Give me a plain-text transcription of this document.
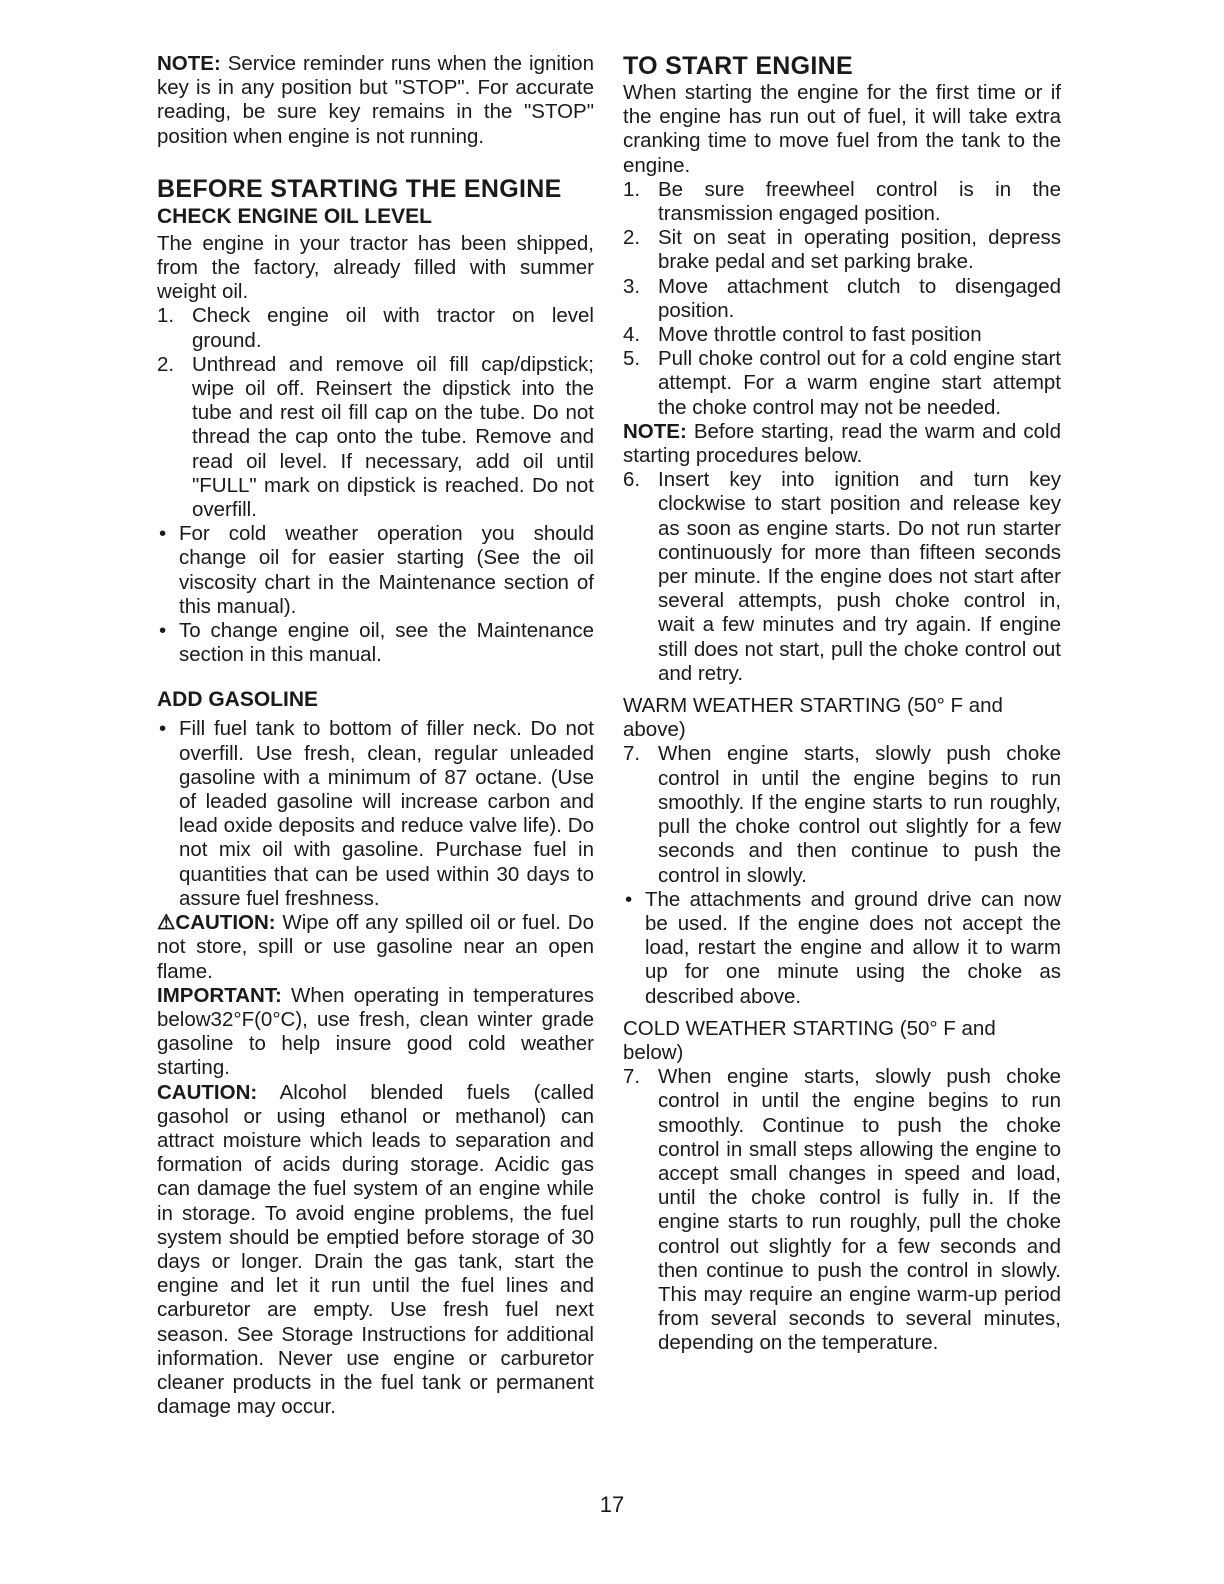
NOTE: Service reminder runs when the ignition key is in any position but "STOP". For accurate reading, be sure key remains in the "STOP" position when engine is not running.

BEFORE STARTING THE ENGINE
CHECK ENGINE OIL LEVEL

The engine in your tractor has been shipped, from the factory, already filled with summer weight oil.

1. Check engine oil with tractor on level ground.
2. Unthread and remove oil fill cap/dipstick; wipe oil off. Reinsert the dipstick into the tube and rest oil fill cap on the tube. Do not thread the cap onto the tube. Remove and read oil level. If necessary, add oil until "FULL" mark on dipstick is reached. Do not overfill.
• For cold weather operation you should change oil for easier starting (See the oil viscosity chart in the Maintenance section of this manual).
• To change engine oil, see the Maintenance section in this manual.
ADD GASOLINE
• Fill fuel tank to bottom of filler neck. Do not overfill. Use fresh, clean, regular unleaded gasoline with a minimum of 87 octane. (Use of leaded gasoline will increase carbon and lead oxide deposits and reduce valve life). Do not mix oil with gasoline. Purchase fuel in quantities that can be used within 30 days to assure fuel freshness.

⚠CAUTION: Wipe off any spilled oil or fuel. Do not store, spill or use gasoline near an open flame.

IMPORTANT: When operating in temperatures below32°F(0°C), use fresh, clean winter grade gasoline to help insure good cold weather starting.

CAUTION: Alcohol blended fuels (called gasohol or using ethanol or methanol) can attract moisture which leads to separation and formation of acids during storage. Acidic gas can damage the fuel system of an engine while in storage. To avoid engine problems, the fuel system should be emptied before storage of 30 days or longer. Drain the gas tank, start the engine and let it run until the fuel lines and carburetor are empty. Use fresh fuel next season. See Storage Instructions for additional information. Never use engine or carburetor cleaner products in the fuel tank or permanent damage may occur.

TO START ENGINE

When starting the engine for the first time or if the engine has run out of fuel, it will take extra cranking time to move fuel from the tank to the engine.

1. Be sure freewheel control is in the transmission engaged position.
2. Sit on seat in operating position, depress brake pedal and set parking brake.
3. Move attachment clutch to disengaged position.
4. Move throttle control to fast position
5. Pull choke control out for a cold engine start attempt. For a warm engine start attempt the choke control may not be needed.

NOTE: Before starting, read the warm and cold starting procedures below.

6. Insert key into ignition and turn key clockwise to start position and release key as soon as engine starts. Do not run starter continuously for more than fifteen seconds per minute. If the engine does not start after several attempts, push choke control in, wait a few minutes and try again. If engine still does not start, pull the choke control out and retry.

WARM WEATHER STARTING (50° F and above)

7. When engine starts, slowly push choke control in until the engine begins to run smoothly. If the engine starts to run roughly, pull the choke control out slightly for a few seconds and then continue to push the control in slowly.
• The attachments and ground drive can now be used. If the engine does not accept the load, restart the engine and allow it to warm up for one minute using the choke as described above.

COLD WEATHER STARTING (50° F and below)

7. When engine starts, slowly push choke control in until the engine begins to run smoothly. Continue to push the choke control in small steps allowing the engine to accept small changes in speed and load, until the choke control is fully in. If the engine starts to run roughly, pull the choke control out slightly for a few seconds and then continue to push the control in slowly. This may require an engine warm-up period from several seconds to several minutes, depending on the temperature.
17
